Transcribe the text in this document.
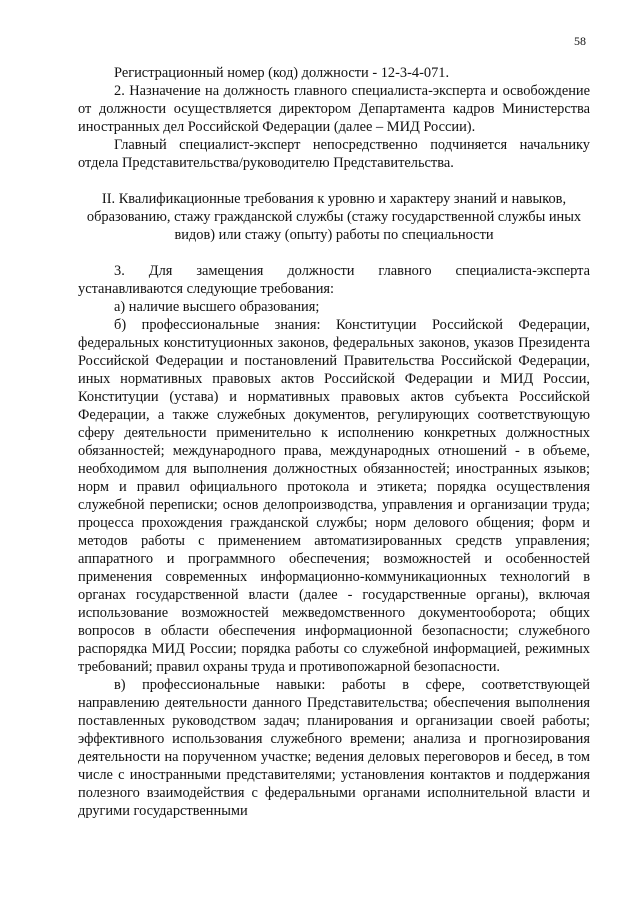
58

Регистрационный номер (код) должности - 12-3-4-071.

2. Назначение на должность главного специалиста-эксперта и освобождение от должности осуществляется директором Департамента кадров Министерства иностранных дел Российской Федерации (далее – МИД России).

Главный специалист-эксперт непосредственно подчиняется начальнику отдела Представительства/руководителю Представительства.

II. Квалификационные требования к уровню и характеру знаний и навыков, образованию, стажу гражданской службы (стажу государственной службы иных видов) или стажу (опыту) работы по специальности

3. Для замещения должности главного специалиста-эксперта устанавливаются следующие требования:

а) наличие высшего образования;

б) профессиональные знания: Конституции Российской Федерации, федеральных конституционных законов, федеральных законов, указов Президента Российской Федерации и постановлений Правительства Российской Федерации, иных нормативных правовых актов Российской Федерации и МИД России, Конституции (устава) и нормативных правовых актов субъекта Российской Федерации, а также служебных документов, регулирующих соответствующую сферу деятельности применительно к исполнению конкретных должностных обязанностей; международного права, международных отношений - в объеме, необходимом для выполнения должностных обязанностей; иностранных языков; норм и правил официального протокола и этикета; порядка осуществления служебной переписки; основ делопроизводства, управления и организации труда; процесса прохождения гражданской службы; норм делового общения; форм и методов работы с применением автоматизированных средств управления; аппаратного и программного обеспечения; возможностей и особенностей применения современных информационно-коммуникационных технологий в органах государственной власти (далее - государственные органы), включая использование возможностей межведомственного документооборота; общих вопросов в области обеспечения информационной безопасности; служебного распорядка МИД России; порядка работы со служебной информацией, режимных требований; правил охраны труда и противопожарной безопасности.

в) профессиональные навыки: работы в сфере, соответствующей направлению деятельности данного Представительства; обеспечения выполнения поставленных руководством задач; планирования и организации своей работы; эффективного использования служебного времени; анализа и прогнозирования деятельности на порученном участке; ведения деловых переговоров и бесед, в том числе с иностранными представителями; установления контактов и поддержания полезного взаимодействия с федеральными органами исполнительной власти и другими государственными
